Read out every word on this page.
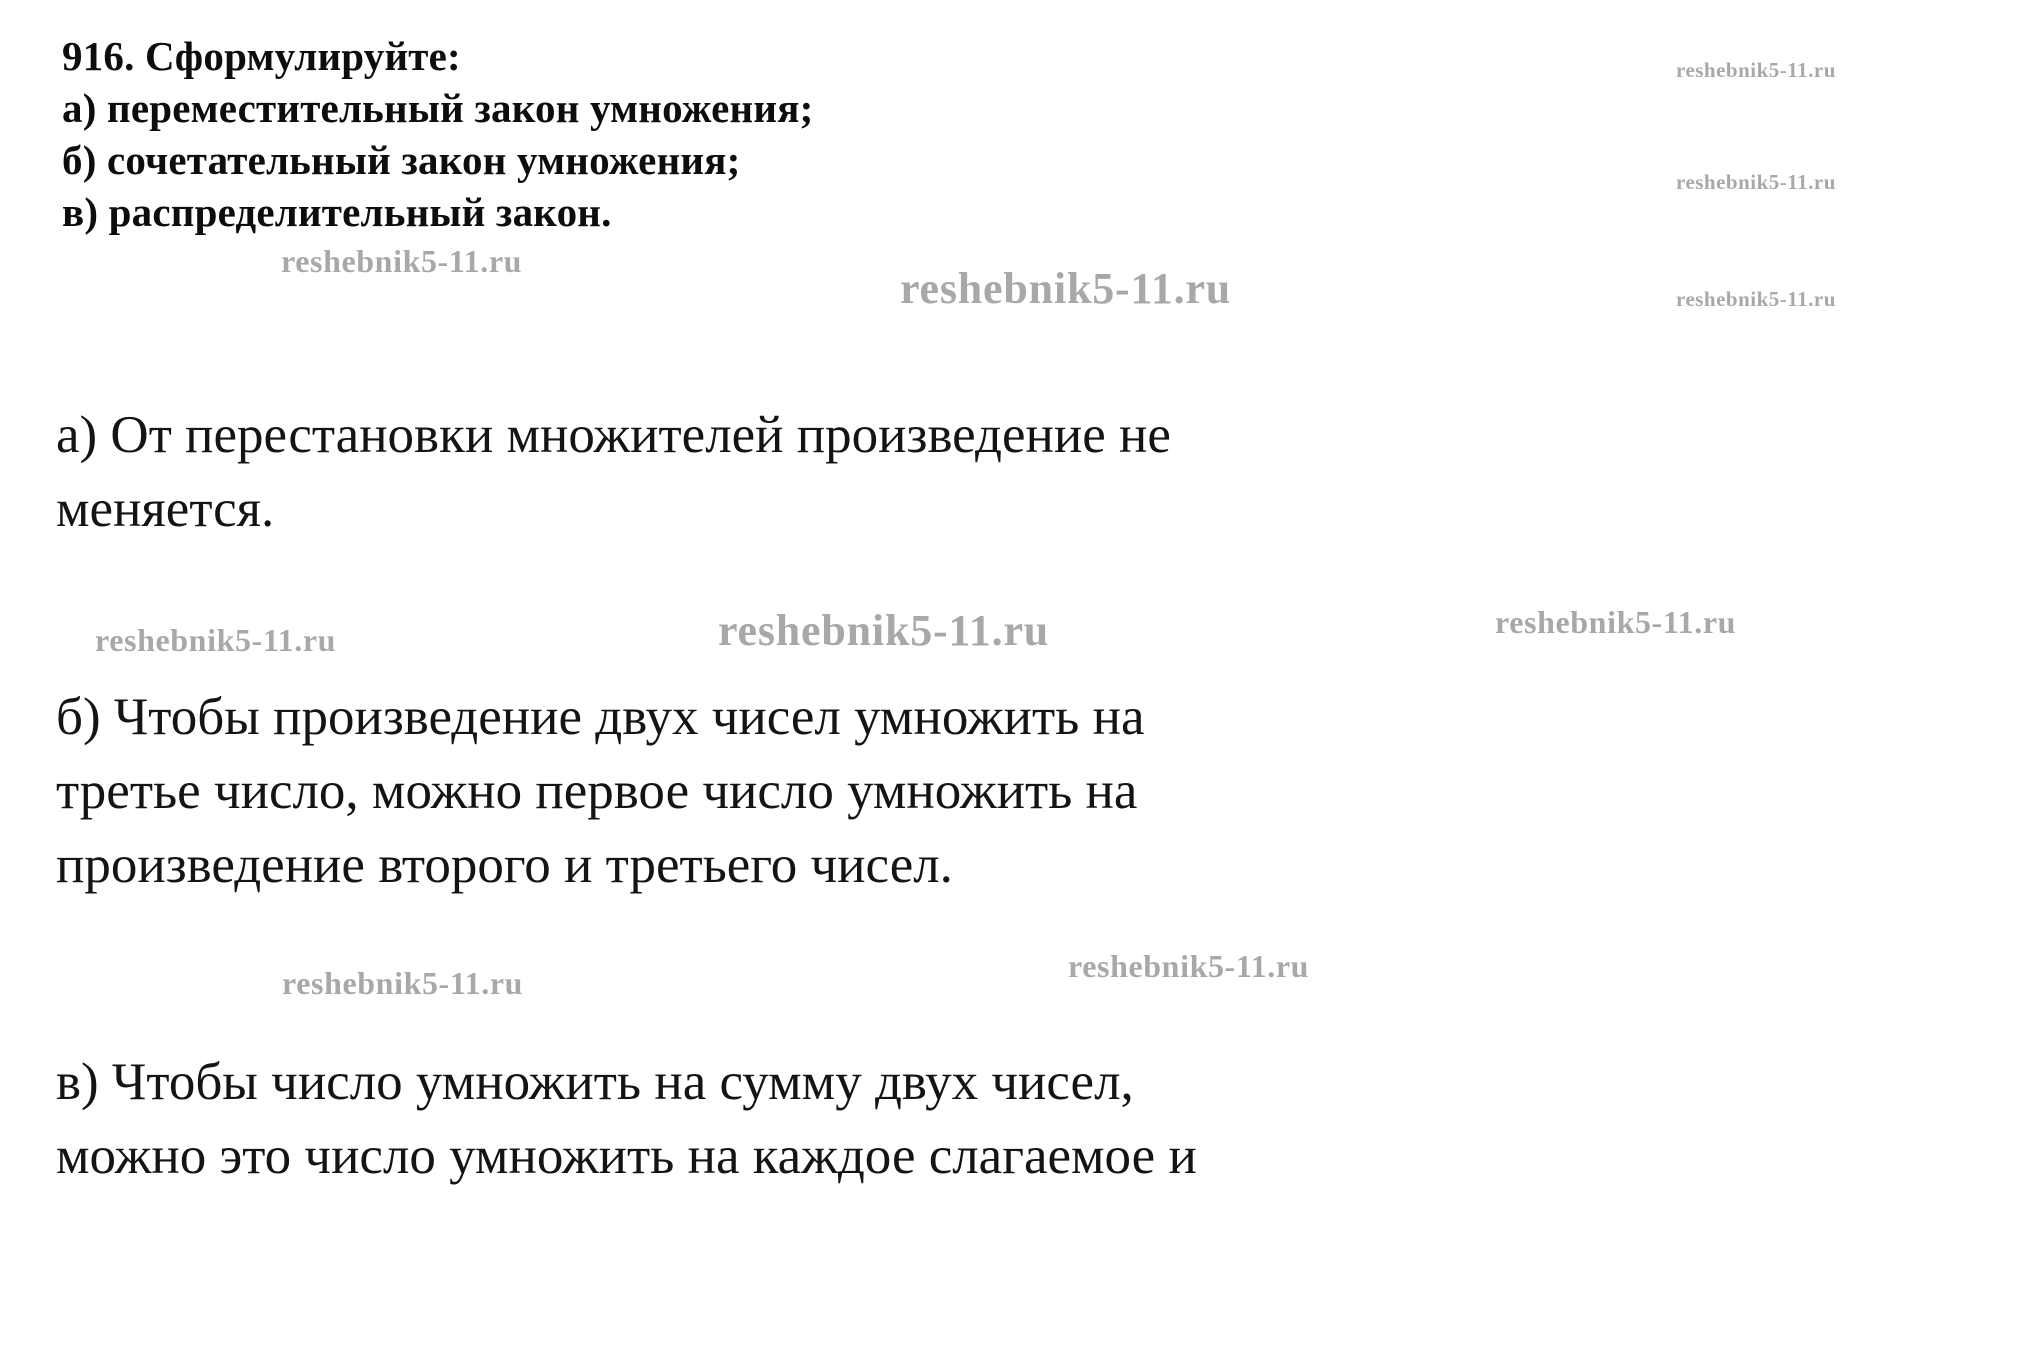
916. Сформулируйте:
а) переместительный закон умножения;
б) сочетательный закон умножения;
в) распределительный закон.
а) От перестановки множителей произведение не
меняется.
б) Чтобы произведение двух чисел умножить на
третье число, можно первое число умножить на
произведение второго и третьего чисел.
в) Чтобы число умножить на сумму двух чисел,
можно это число умножить на каждое слагаемое и
reshebnik5-11.ru
reshebnik5-11.ru
reshebnik5-11.ru
reshebnik5-11.ru
reshebnik5-11.ru
reshebnik5-11.ru	reshebnik5-11.ru	reshebnik5-11.ru
reshebnik5-11.ru	reshebnik5-11.ru
